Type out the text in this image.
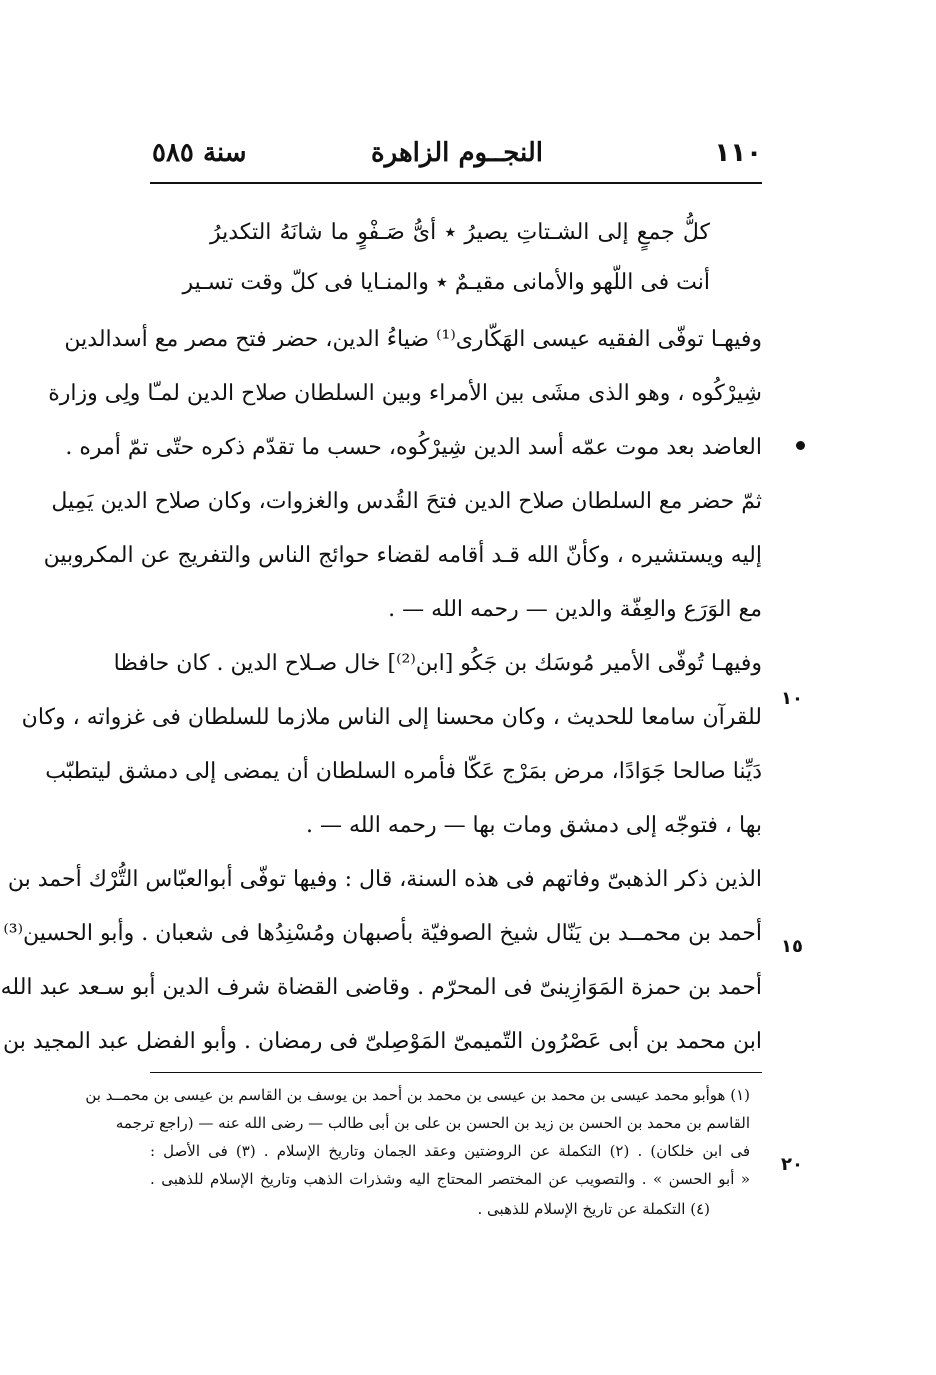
١١٠
النجــوم الزاهرة
سنة ٥٨٥
كلُّ جمعٍ إلى الشـتاتِ يصيرُ ٭ أىُّ صَـفْوٍ ما شانَهُ التكديرُ
أنت فى اللّهو والأمانى مقيـمٌ ٭ والمنـايا فى كلّ وقت تسـير
وفيهـا توفّى الفقيه عيسى الهَكّارى⁽¹⁾ ضياءُ الدين، حضر فتح مصر مع أسدالدين
شِيرْكُوه ، وهو الذى مشَى بين الأمراء وبين السلطان صلاح الدين لمـّا ولِى وزارة
العاضد بعد موت عمّه أسد الدين شِيرْكُوه، حسب ما تقدّم ذكره حتّى تمّ أمره .
ثمّ حضر مع السلطان صلاح الدين فتحَ القُدس والغزوات، وكان صلاح الدين يَمِيل
إليه ويستشيره ، وكأنّ الله قـد أقامه لقضاء حوائج الناس والتفريج عن المكروبين
مع الوَرَع والعِفّة والدين — رحمه الله — .
وفيهـا تُوفّى الأمير مُوسَك بن جَكُو [ابن⁽²⁾] خال صـلاح الدين . كان حافظا
للقرآن سامعا للحديث ، وكان محسنا إلى الناس ملازما للسلطان فى غزواته ، وكان
دَيِّنا صالحا جَوَادًا، مرض بمَرْج عَكّا فأمره السلطان أن يمضى إلى دمشق ليتطبّب
بها ، فتوجّه إلى دمشق ومات بها — رحمه الله — .
الذين ذكر الذهبىّ وفاتهم فى هذه السنة، قال : وفيها توفّى أبوالعبّاس التُّرْك أحمد بن
أحمد بن محمــد بن يَنّال شيخ الصوفيّة بأصبهان ومُسْنِدُها فى شعبان . وأبو الحسين⁽³⁾
أحمد بن حمزة المَوَازِينىّ فى المحرّم . وقاضى القضاة شرف الدين أبو سـعد عبد الله
ابن محمد بن أبى عَصْرُون التّميمىّ المَوْصِلىّ فى رمضان . وأبو الفضل عبد المجيد بن
١٠
١٥
٢٠
(١) هوأبو محمد عيسى بن محمد بن عيسى بن محمد بن أحمد بن يوسف بن القاسم بن عيسى بن محمــد بن
القاسم بن محمد بن الحسن بن زيد بن الحسن بن على بن أبى طالب — رضى الله عنه — (راجع ترجمه
فى ابن خلكان) . (٢) التكملة عن الروضتين وعقد الجمان وتاريخ الإسلام . (٣) فى الأصل :
« أبو الحسن » . والتصويب عن المختصر المحتاج اليه وشذرات الذهب وتاريخ الإسلام للذهبى .
(٤) التكملة عن تاريخ الإسلام للذهبى .
